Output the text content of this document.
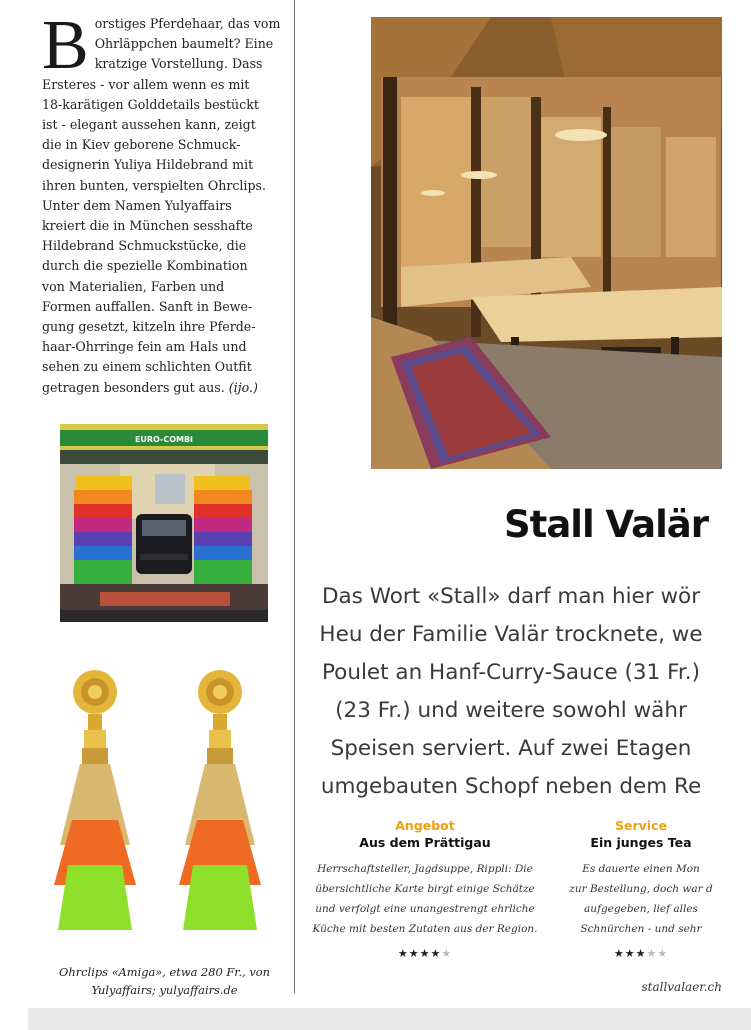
B orstiges Pferdehaar, das vom
Ohrläppchen baumelt? Eine
kratzige Vorstellung. Dass
Ersteres - vor allem wenn es mit
18-karätigen Golddetails bestückt
ist - elegant aussehen kann, zeigt
die in Kiev geborene Schmuck-
designerin Yuliya Hildebrand mit
ihren bunten, verspielten Ohrclips.
Unter dem Namen Yulyaffairs
kreiert die in München sesshafte
Hildebrand Schmuckstücke, die
durch die spezielle Kombination
von Materialien, Farben und
Formen auffallen. Sanft in Bewe-
gung gesetzt, kitzeln ihre Pferde-
haar-Ohrringe fein am Hals und
sehen zu einem schlichten Outfit
getragen besonders gut aus. (ijo.)
EURO-COMBI
Ohrclips «Amiga», etwa 280 Fr., von
Yulyaffairs; yulyaffairs.de
Stall Valär
Das Wort «Stall» darf man hier wör
Heu der Familie Valär trocknete, we
Poulet an Hanf-Curry-Sauce (31 Fr.)
(23 Fr.) und weitere sowohl währ
Speisen serviert. Auf zwei Etagen
umgebauten Schopf neben dem Re
Angebot
Aus dem Prättigau
Herrschaftsteller, Jagdsuppe, Rippli: Die
übersichtliche Karte birgt einige Schätze
und verfolgt eine unangestrengt ehrliche
Küche mit besten Zutaten aus der Region.
★★★★★
Service
Ein junges Tea
Es dauerte einen Mon
zur Bestellung, doch war d
aufgegeben, lief alles
Schnürchen - und sehr
★★★★★
stallvalaer.ch
